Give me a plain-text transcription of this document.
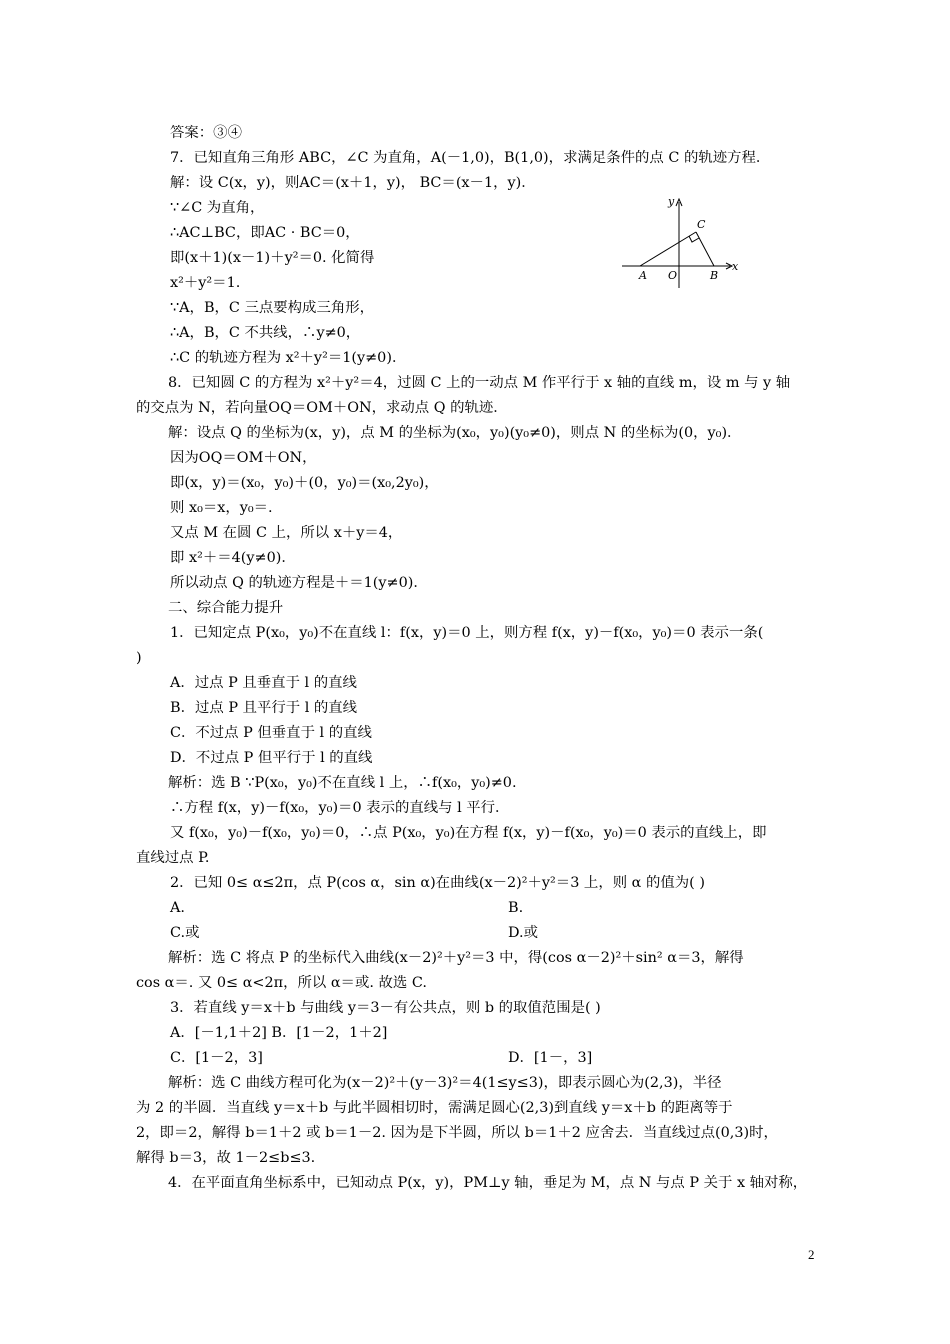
答案：③④
7．已知直角三角形 ABC，∠C 为直角，A(－1,0)，B(1,0)，求满足条件的点 C 的轨迹方程．
解：设 C(x，y)，则AC＝(x＋1，y)， BC＝(x－1，y)．
∵∠C 为直角，
∴AC⊥BC，即AC · BC＝0，
即(x＋1)(x－1)＋y²＝0. 化简得
x²＋y²＝1.
∵A，B，C 三点要构成三角形，
∴A，B，C 不共线，∴y≠0，
∴C 的轨迹方程为 x²＋y²＝1(y≠0)．
8．已知圆 C 的方程为 x²＋y²＝4，过圆 C 上的一动点 M 作平行于 x 轴的直线 m，设 m 与 y 轴
的交点为 N，若向量OQ＝OM＋ON，求动点 Q 的轨迹．
解：设点 Q 的坐标为(x，y)，点 M 的坐标为(x₀，y₀)(y₀≠0)，则点 N 的坐标为(0，y₀)．
因为OQ＝OM＋ON，
即(x，y)＝(x₀，y₀)＋(0，y₀)＝(x₀,2y₀)，
则 x₀＝x，y₀＝.
又点 M 在圆 C 上，所以 x＋y＝4，
即 x²＋＝4(y≠0)．
所以动点 Q 的轨迹方程是＋＝1(y≠0)．
二、综合能力提升
1．已知定点 P(x₀，y₀)不在直线 l：f(x，y)＝0 上，则方程 f(x，y)－f(x₀，y₀)＝0 表示一条(
)
A．过点 P 且垂直于 l 的直线
B．过点 P 且平行于 l 的直线
C．不过点 P 但垂直于 l 的直线
D．不过点 P 但平行于 l 的直线
解析：选 B ∵P(x₀，y₀)不在直线 l 上，∴f(x₀，y₀)≠0.
∴方程 f(x，y)－f(x₀，y₀)＝0 表示的直线与 l 平行．
又 f(x₀，y₀)－f(x₀，y₀)＝0，∴点 P(x₀，y₀)在方程 f(x，y)－f(x₀，y₀)＝0 表示的直线上，即
直线过点 P.
2．已知 0≤ α≤2π，点 P(cos α，sin α)在曲线(x－2)²＋y²＝3 上，则 α 的值为( )
A.	B.
C.或	D.或
解析：选 C 将点 P 的坐标代入曲线(x－2)²＋y²＝3 中，得(cos α－2)²＋sin² α＝3，解得
cos α＝. 又 0≤ α<2π，所以 α＝或. 故选 C.
3．若直线 y＝x＋b 与曲线 y＝3－有公共点，则 b 的取值范围是( )
A．[－1,1＋2] B．[1－2，1＋2]
C．[1－2，3]	D．[1－，3]
解析：选 C 曲线方程可化为(x－2)²＋(y－3)²＝4(1≤y≤3)，即表示圆心为(2,3)，半径
为 2 的半圆．当直线 y＝x＋b 与此半圆相切时，需满足圆心(2,3)到直线 y＝x＋b 的距离等于
2，即＝2，解得 b＝1＋2 或 b＝1－2. 因为是下半圆，所以 b＝1＋2 应舍去．当直线过点(0,3)时，
解得 b＝3，故 1－2≤b≤3.
4．在平面直角坐标系中，已知动点 P(x，y)，PM⊥y 轴，垂足为 M，点 N 与点 P 关于 x 轴对称，
y
x
A O	B
C
2
